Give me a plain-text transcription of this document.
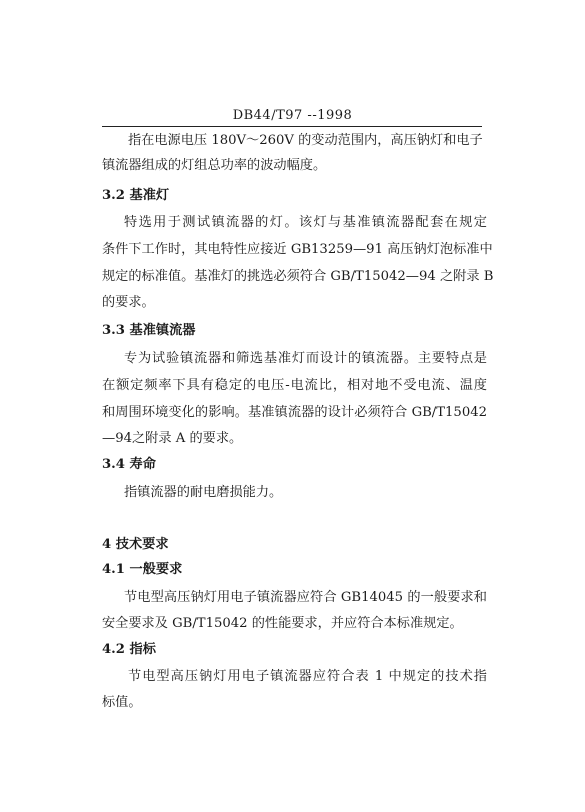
DB44/T97 --1998
指在电源电压 180V～260V 的变动范围内，高压钠灯和电子
镇流器组成的灯组总功率的波动幅度。
3.2 基准灯
特选用于测试镇流器的灯。该灯与基准镇流器配套在规定
条件下工作时，其电特性应接近 GB13259—91 高压钠灯泡标准中
规定的标准值。基准灯的挑选必须符合 GB/T15042—94 之附录 B
的要求。
3.3 基准镇流器
专为试验镇流器和筛选基准灯而设计的镇流器。主要特点是
在额定频率下具有稳定的电压-电流比，相对地不受电流、温度
和周围环境变化的影响。基准镇流器的设计必须符合 GB/T15042
—94之附录 A 的要求。
3.4 寿命
指镇流器的耐电磨损能力。
4 技术要求
4.1 一般要求
节电型高压钠灯用电子镇流器应符合 GB14045 的一般要求和
安全要求及 GB/T15042 的性能要求，并应符合本标准规定。
4.2 指标
节电型高压钠灯用电子镇流器应符合表 1 中规定的技术指
标值。
